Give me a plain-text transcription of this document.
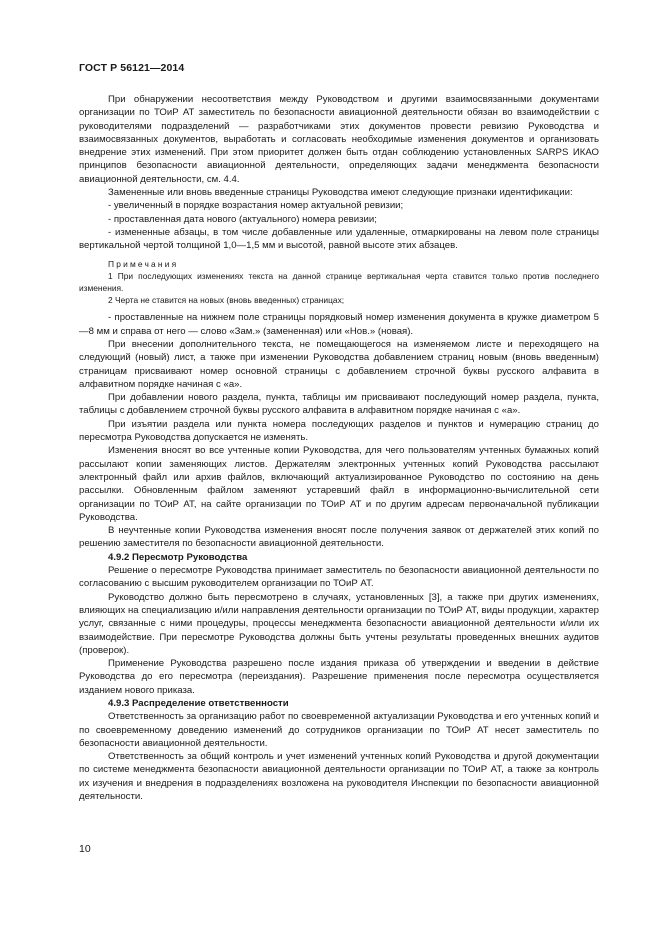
ГОСТ Р 56121—2014

При обнаружении несоответствия между Руководством и другими взаимосвязанными документами организации по ТОиР АТ заместитель по безопасности авиационной деятельности обязан во взаимодействии с руководителями подразделений — разработчиками этих документов провести ревизию Руководства и взаимосвязанных документов, выработать и согласовать необходимые изменения документов и организовать внедрение этих изменений. При этом приоритет должен быть отдан соблюдению установленных SARPS ИКАО принципов безопасности авиационной деятельности, определяющих задачи менеджмента безопасности авиационной деятельности, см. 4.4.

Замененные или вновь введенные страницы Руководства имеют следующие признаки идентификации:

- увеличенный в порядке возрастания номер актуальной ревизии;

- проставленная дата нового (актуального) номера ревизии;

- измененные абзацы, в том числе добавленные или удаленные, отмаркированы на левом поле страницы вертикальной чертой толщиной 1,0—1,5 мм и высотой, равной высоте этих абзацев.

Примечания

1 При последующих изменениях текста на данной странице вертикальная черта ставится только против последнего изменения.

2 Черта не ставится на новых (вновь введенных) страницах;

- проставленные на нижнем поле страницы порядковый номер изменения документа в кружке диаметром 5—8 мм и справа от него — слово «Зам.» (замененная) или «Нов.» (новая).

При внесении дополнительного текста, не помещающегося на изменяемом листе и переходящего на следующий (новый) лист, а также при изменении Руководства добавлением страниц новым (вновь введенным) страницам присваивают номер основной страницы с добавлением строчной буквы русского алфавита в алфавитном порядке начиная с «а».

При добавлении нового раздела, пункта, таблицы им присваивают последующий номер раздела, пункта, таблицы с добавлением строчной буквы русского алфавита в алфавитном порядке начиная с «а».

При изъятии раздела или пункта номера последующих разделов и пунктов и нумерацию страниц до пересмотра Руководства допускается не изменять.

Изменения вносят во все учтенные копии Руководства, для чего пользователям учтенных бумажных копий рассылают копии заменяющих листов. Держателям электронных учтенных копий Руководства рассылают электронный файл или архив файлов, включающий актуализированное Руководство по состоянию на день рассылки. Обновленным файлом заменяют устаревший файл в информационно-вычислительной сети организации по ТОиР АТ, на сайте организации по ТОиР АТ и по другим адресам первоначальной публикации Руководства.

В неучтенные копии Руководства изменения вносят после получения заявок от держателей этих копий по решению заместителя по безопасности авиационной деятельности.

4.9.2 Пересмотр Руководства

Решение о пересмотре Руководства принимает заместитель по безопасности авиационной деятельности по согласованию с высшим руководителем организации по ТОиР АТ.

Руководство должно быть пересмотрено в случаях, установленных [3], а также при других изменениях, влияющих на специализацию и/или направления деятельности организации по ТОиР АТ, виды продукции, характер услуг, связанные с ними процедуры, процессы менеджмента безопасности авиационной деятельности и/или их взаимодействие. При пересмотре Руководства должны быть учтены результаты проведенных внешних аудитов (проверок).

Применение Руководства разрешено после издания приказа об утверждении и введении в действие Руководства до его пересмотра (переиздания). Разрешение применения после пересмотра осуществляется изданием нового приказа.

4.9.3 Распределение ответственности

Ответственность за организацию работ по своевременной актуализации Руководства и его учтенных копий и по своевременному доведению изменений до сотрудников организации по ТОиР АТ несет заместитель по безопасности авиационной деятельности.

Ответственность за общий контроль и учет изменений учтенных копий Руководства и другой документации по системе менеджмента безопасности авиационной деятельности организации по ТОиР АТ, а также за контроль их изучения и внедрения в подразделениях возложена на руководителя Инспекции по безопасности авиационной деятельности.

10
